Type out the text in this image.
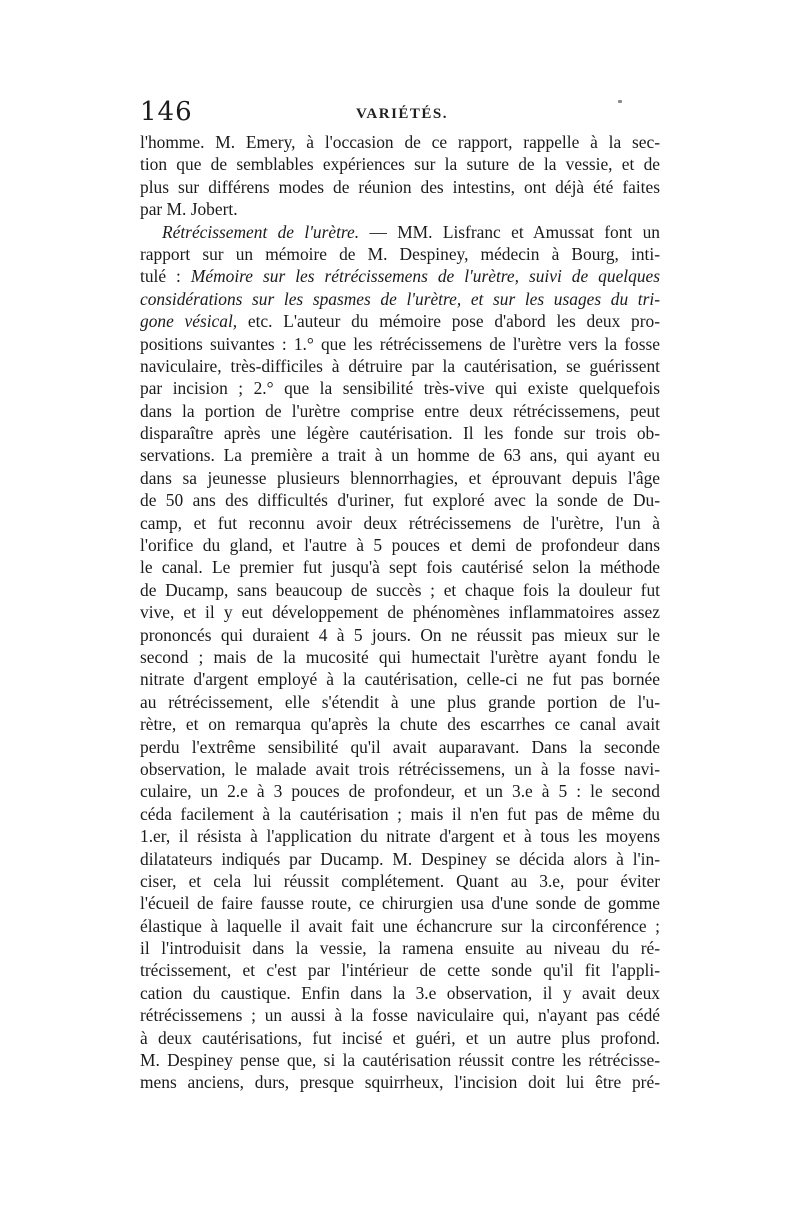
146	VARIÉTÉS.
l'homme. M. Emery, à l'occasion de ce rapport, rappelle à la sec-
tion que de semblables expériences sur la suture de la vessie, et de
plus sur différens modes de réunion des intestins, ont déjà été faites
par M. Jobert.
Rétrécissement de l'urètre. — MM. Lisfranc et Amussat font un
rapport sur un mémoire de M. Despiney, médecin à Bourg, inti-
tulé : Mémoire sur les rétrécissemens de l'urètre, suivi de quelques
considérations sur les spasmes de l'urètre, et sur les usages du tri-
gone vésical, etc. L'auteur du mémoire pose d'abord les deux pro-
positions suivantes : 1.° que les rétrécissemens de l'urètre vers la fosse
naviculaire, très-difficiles à détruire par la cautérisation, se guérissent
par incision ; 2.° que la sensibilité très-vive qui existe quelquefois
dans la portion de l'urètre comprise entre deux rétrécissemens, peut
disparaître après une légère cautérisation. Il les fonde sur trois ob-
servations. La première a trait à un homme de 63 ans, qui ayant eu
dans sa jeunesse plusieurs blennorrhagies, et éprouvant depuis l'âge
de 50 ans des difficultés d'uriner, fut exploré avec la sonde de Du-
camp, et fut reconnu avoir deux rétrécissemens de l'urètre, l'un à
l'orifice du gland, et l'autre à 5 pouces et demi de profondeur dans
le canal. Le premier fut jusqu'à sept fois cautérisé selon la méthode
de Ducamp, sans beaucoup de succès ; et chaque fois la douleur fut
vive, et il y eut développement de phénomènes inflammatoires assez
prononcés qui duraient 4 à 5 jours. On ne réussit pas mieux sur le
second ; mais de la mucosité qui humectait l'urètre ayant fondu le
nitrate d'argent employé à la cautérisation, celle-ci ne fut pas bornée
au rétrécissement, elle s'étendit à une plus grande portion de l'u-
rètre, et on remarqua qu'après la chute des escarrhes ce canal avait
perdu l'extrême sensibilité qu'il avait auparavant. Dans la seconde
observation, le malade avait trois rétrécissemens, un à la fosse navi-
culaire, un 2.e à 3 pouces de profondeur, et un 3.e à 5 : le second
céda facilement à la cautérisation ; mais il n'en fut pas de même du
1.er, il résista à l'application du nitrate d'argent et à tous les moyens
dilatateurs indiqués par Ducamp. M. Despiney se décida alors à l'in-
ciser, et cela lui réussit complétement. Quant au 3.e, pour éviter
l'écueil de faire fausse route, ce chirurgien usa d'une sonde de gomme
élastique à laquelle il avait fait une échancrure sur la circonférence ;
il l'introduisit dans la vessie, la ramena ensuite au niveau du ré-
trécissement, et c'est par l'intérieur de cette sonde qu'il fit l'appli-
cation du caustique. Enfin dans la 3.e observation, il y avait deux
rétrécissemens ; un aussi à la fosse naviculaire qui, n'ayant pas cédé
à deux cautérisations, fut incisé et guéri, et un autre plus profond.
M. Despiney pense que, si la cautérisation réussit contre les rétrécisse-
mens anciens, durs, presque squirrheux, l'incision doit lui être pré-
